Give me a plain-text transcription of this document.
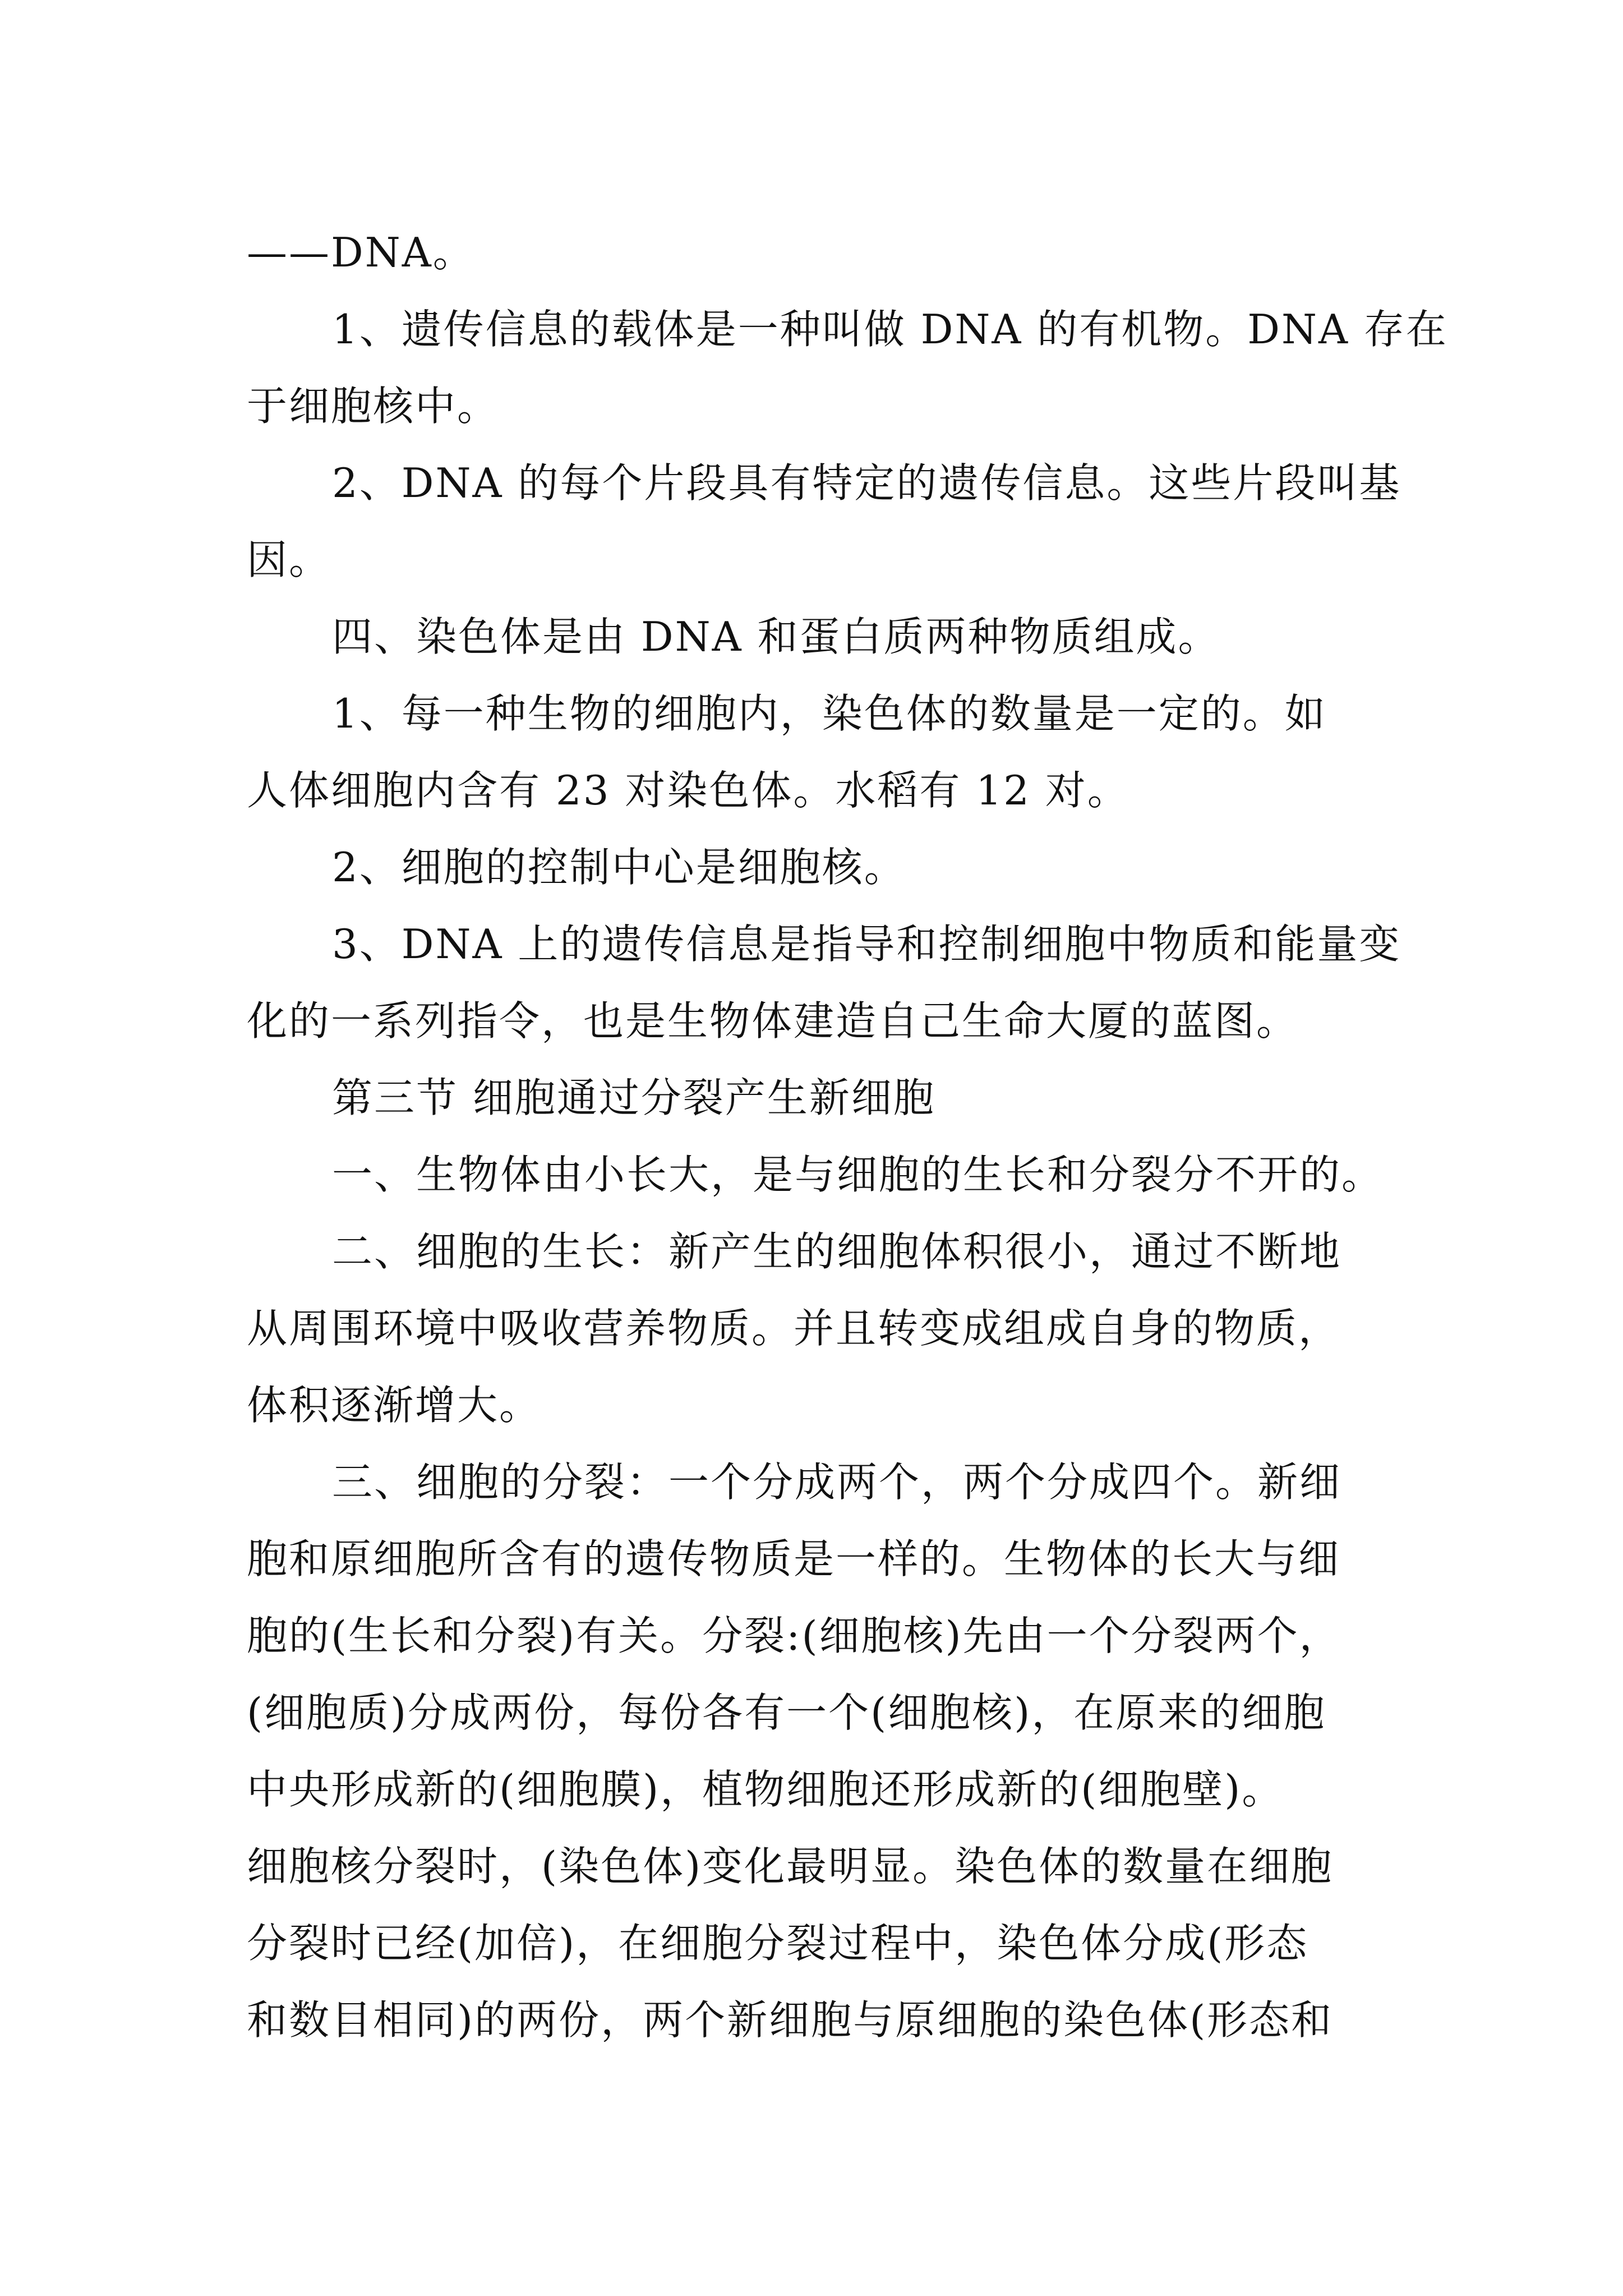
——DNA。
1、遗传信息的载体是一种叫做 DNA 的有机物。DNA 存在
于细胞核中。
2、DNA 的每个片段具有特定的遗传信息。这些片段叫基
因。
四、染色体是由 DNA 和蛋白质两种物质组成。
1、每一种生物的细胞内，染色体的数量是一定的。如
人体细胞内含有 23 对染色体。水稻有 12 对。
2、细胞的控制中心是细胞核。
3、DNA 上的遗传信息是指导和控制细胞中物质和能量变
化的一系列指令，也是生物体建造自己生命大厦的蓝图。
第三节 细胞通过分裂产生新细胞
一、生物体由小长大，是与细胞的生长和分裂分不开的。
二、细胞的生长：新产生的细胞体积很小，通过不断地
从周围环境中吸收营养物质。并且转变成组成自身的物质，
体积逐渐增大。
三、细胞的分裂：一个分成两个，两个分成四个。新细
胞和原细胞所含有的遗传物质是一样的。生物体的长大与细
胞的(生长和分裂)有关。分裂:(细胞核)先由一个分裂两个，
(细胞质)分成两份，每份各有一个(细胞核)，在原来的细胞
中央形成新的(细胞膜)，植物细胞还形成新的(细胞壁)。
细胞核分裂时，(染色体)变化最明显。染色体的数量在细胞
分裂时已经(加倍)，在细胞分裂过程中，染色体分成(形态
和数目相同)的两份，两个新细胞与原细胞的染色体(形态和
